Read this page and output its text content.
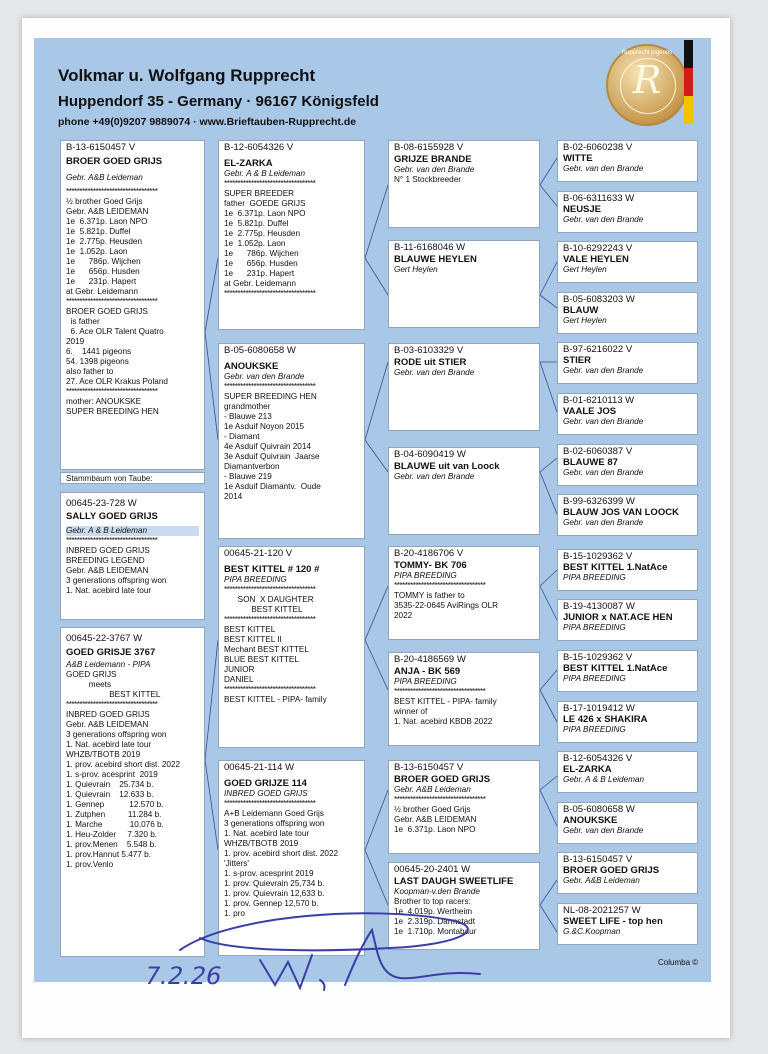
Volkmar u. Wolfgang Rupprecht
Huppendorf 35 - Germany · 96167 Königsfeld
phone +49(0)9207 9889074 · www.Brieftauben-Rupprecht.de
Rupprecht pigeons
R
B-13-6150457 V
BROER GOED GRIJS
Gebr. A&B Leideman
**********************************
½ brother Goed Grijs
Gebr. A&B LEIDEMAN
1e  6.371p. Laon NPO
1e  5.821p. Duffel
1e  2.775p. Heusden
1e  1.052p. Laon
1e      786p. Wijchen
1e      656p. Husden
1e      231p. Hapert
at Gebr. Leidemann
**********************************
BROER GOED GRIJS
is father
6. Ace OLR Talent Quatro
2019
6.    1441 pigeons
54. 1398 pigeons
also father to
27. Ace OLR Krakus Poland
**********************************
mother: ANOUKSKE
SUPER BREEDING HEN
Stammbaum von Taube:
00645-23-728 W
SALLY GOED GRIJS
Gebr. A & B Leideman
**********************************
INBRED GOED GRIJS
BREEDING LEGEND
Gebr. A&B LEIDEMAN
3 generations offspring won
1. Nat. acebird late tour
00645-22-3767 W
GOED GRISJE 3767
A&B Leidemann - PIPA
GOED GRIJS
meets
BEST KITTEL
**********************************
INBRED GOED GRIJS
Gebr. A&B LEIDEMAN
3 generations offspring won
1. Nat. acebird late tour
WHZB/TBOTB 2019
1. prov. acebird short dist. 2022
1. s-prov. acesprint  2019
1. Quievrain    25.734 b.
1. Quievrain    12.633 b.
1. Gennep           12.570 b.
1. Zutphen          11.284 b.
1. Marche            10.076 b.
1. Heu-Zolder     7.320 b.
1. prov.Menen    5.548 b.
1. prov.Hannut 5.477 b.
1. prov.Venlo
B-12-6054326 V
EL-ZARKA
Gebr. A & B Leideman
**********************************
SUPER BREEDER
father  GOEDE GRIJS
1e  6.371p. Laon NPO
1e  5.821p. Duffel
1e  2.775p. Heusden
1e  1.052p. Laon
1e      786p. Wijchen
1e      656p. Husden
1e      231p. Hapert
at Gebr. Leidemann
**********************************
B-05-6080658 W
ANOUKSKE
Gebr. van den Brande
**********************************
SUPER BREEDING HEN
grandmother
- Blauwe 213
1e Asduif Noyon 2015
- Diamant
4e Asduif Quivrain 2014
3e Asduif Quivrain  Jaarse
Diamantverbon
- Blauwe 219
1e Asduif Diamantv.  Oude
2014
00645-21-120 V
BEST KITTEL # 120 #
PIPA BREEDING
**********************************
SON  X DAUGHTER
BEST KITTEL
**********************************
BEST KITTEL
BEST KITTEL II
Mechant BEST KITTEL
BLUE BEST KITTEL
JUNIOR
DANIEL
**********************************
BEST KITTEL - PIPA- family
00645-21-114 W
GOED GRIJZE 114
INBRED GOED GRIJS
**********************************
A+B Leidemann Goed Grijs
3 generations offspring won
1. Nat. acebird late tour
WHZB/TBOTB 2019
1. prov. acebird short dist. 2022
'Jitters'
1. s-prov. acesprint 2019
1. prov. Quievrain 25,734 b.
1. prov. Quievrain 12,633 b.
1. prov. Gennep 12,570 b.
1. pro
B-08-6155928 V
GRIJZE BRANDE
Gebr. van den Brande
N° 1 Stockbreeder
B-11-6168046 W
BLAUWE HEYLEN
Gert Heylen
B-03-6103329 V
RODE uit STIER
Gebr. van den Brande
B-04-6090419 W
BLAUWE uit van Loock
Gebr. van den Brande
B-20-4186706 V
TOMMY- BK 706
PIPA BREEDING
**********************************
TOMMY is father to
3535-22-0645 AviRings OLR
2022
B-20-4186569 W
ANJA - BK 569
PIPA BREEDING
**********************************
BEST KITTEL - PIPA- family
winner of
1. Nat. acebird KBDB 2022
B-13-6150457 V
BROER GOED GRIJS
Gebr. A&B Leideman
**********************************
½ brother Goed Grijs
Gebr. A&B LEIDEMAN
1e  6.371p. Laon NPO
00645-20-2401 W
LAST DAUGH SWEETLIFE
Koopman-v.den Brande
Brother to top racers:
1e  4.019p. Wertheim
1e  2.319p. Darmstadt
1e  1.710p. Montabaur
B-02-6060238 V
WITTE
Gebr. van den Brande
B-06-6311633 W
NEUSJE
Gebr. van den Brande
B-10-6292243 V
VALE HEYLEN
Gert Heylen
B-05-6083203 W
BLAUW
Gert Heylen
B-97-6216022 V
STIER
Gebr. van den Brande
B-01-6210113 W
VAALE JOS
Gebr. van den Brande
B-02-6060387 V
BLAUWE 87
Gebr. van den Brande
B-99-6326399 W
BLAUW JOS VAN LOOCK
Gebr. van den Brande
B-15-1029362 V
BEST KITTEL 1.NatAce
PIPA BREEDING
B-19-4130087 W
JUNIOR x NAT.ACE HEN
PIPA BREEDING
B-15-1029362 V
BEST KITTEL 1.NatAce
PIPA BREEDING
B-17-1019412 W
LE 426 x SHAKIRA
PIPA BREEDING
B-12-6054326 V
EL-ZARKA
Gebr. A & B Leideman
B-05-6080658 W
ANOUKSKE
Gebr. van den Brande
B-13-6150457 V
BROER GOED GRIJS
Gebr. A&B Leideman
NL-08-2021257 W
SWEET LIFE - top hen
G.&C.Koopman
7.2.26	Columba ©
